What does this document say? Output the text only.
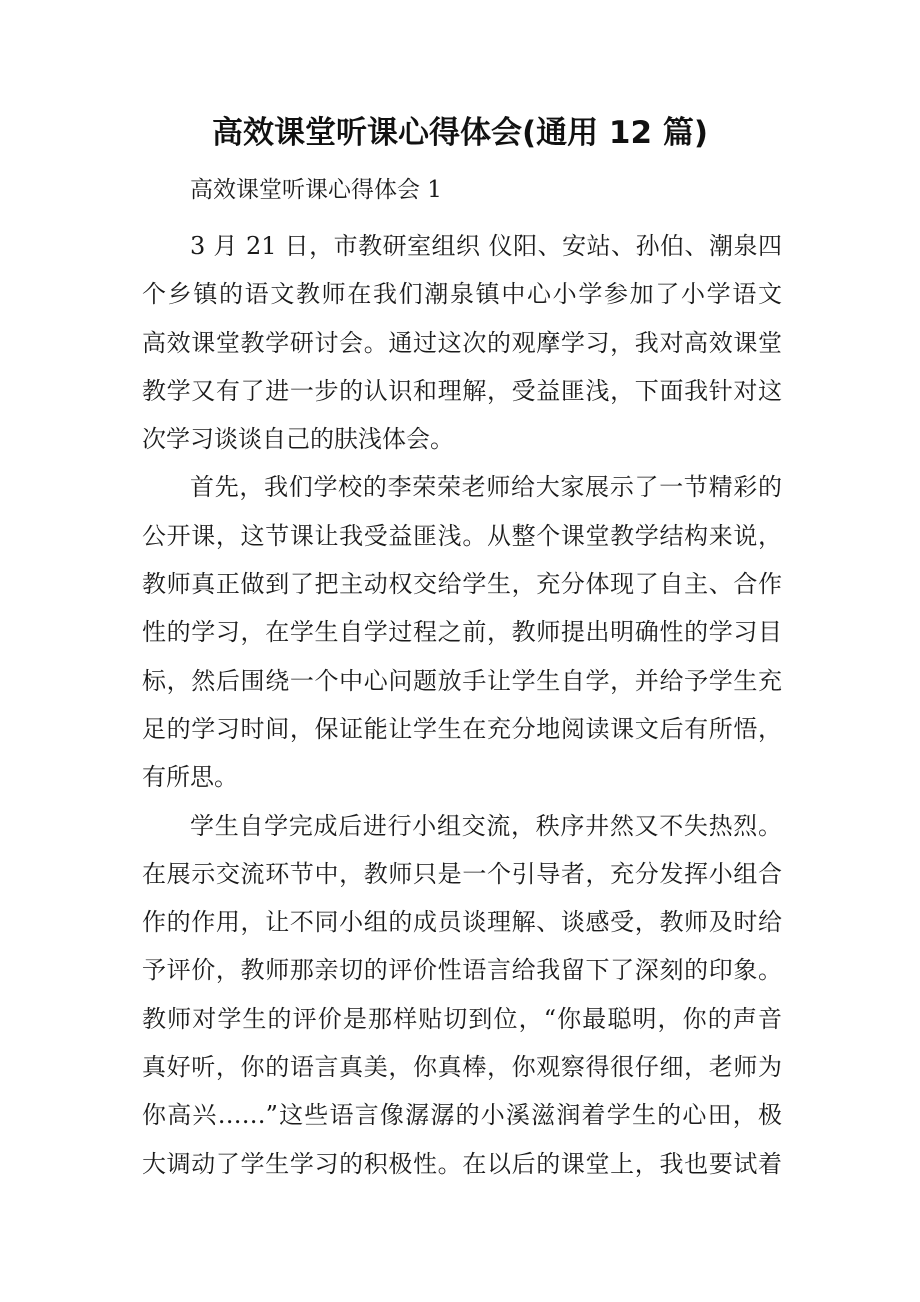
高效课堂听课心得体会(通用 12 篇)
高效课堂听课心得体会 1
3 月 21 日，市教研室组织 仪阳、安站、孙伯、潮泉四
个乡镇的语文教师在我们潮泉镇中心小学参加了小学语文
高效课堂教学研讨会。通过这次的观摩学习，我对高效课堂
教学又有了进一步的认识和理解，受益匪浅，下面我针对这
次学习谈谈自己的肤浅体会。
首先，我们学校的李荣荣老师给大家展示了一节精彩的
公开课，这节课让我受益匪浅。从整个课堂教学结构来说，
教师真正做到了把主动权交给学生，充分体现了自主、合作
性的学习，在学生自学过程之前，教师提出明确性的学习目
标，然后围绕一个中心问题放手让学生自学，并给予学生充
足的学习时间，保证能让学生在充分地阅读课文后有所悟，
有所思。
学生自学完成后进行小组交流，秩序井然又不失热烈。
在展示交流环节中，教师只是一个引导者，充分发挥小组合
作的作用，让不同小组的成员谈理解、谈感受，教师及时给
予评价，教师那亲切的评价性语言给我留下了深刻的印象。
教师对学生的评价是那样贴切到位，“你最聪明，你的声音
真好听，你的语言真美，你真棒，你观察得很仔细，老师为
你高兴……”这些语言像潺潺的小溪滋润着学生的心田，极
大调动了学生学习的积极性。在以后的课堂上，我也要试着
